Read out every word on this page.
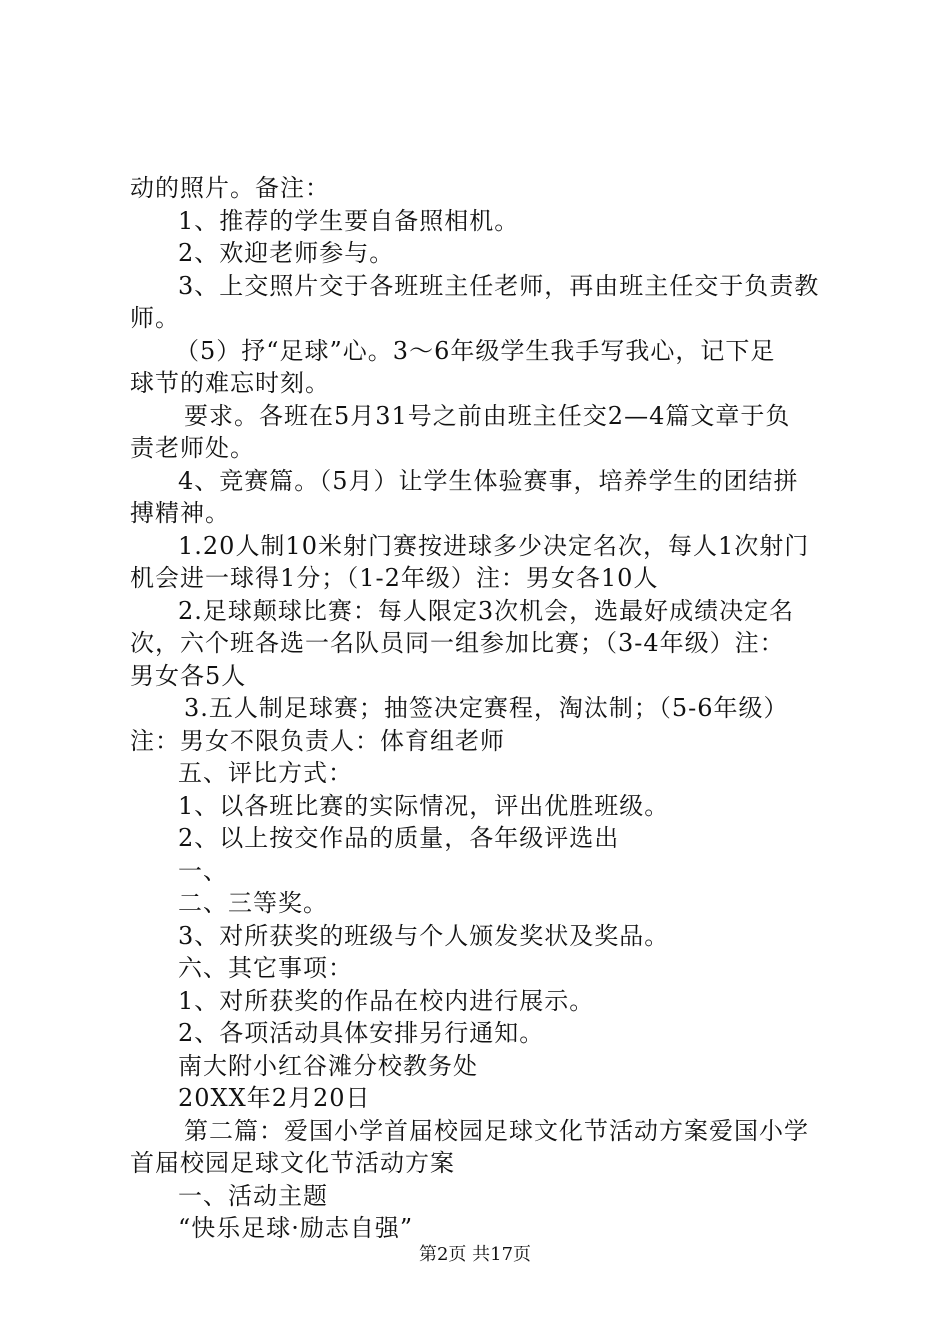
动的照片。备注：
1、推荐的学生要自备照相机。
2、欢迎老师参与。
3、上交照片交于各班班主任老师，再由班主任交于负责教
师。
（5）抒“足球”心。3～6年级学生我手写我心，记下足
球节的难忘时刻。
要求。各班在5月31号之前由班主任交2—4篇文章于负
责老师处。
4、竞赛篇。（5月）让学生体验赛事，培养学生的团结拼
搏精神。
1.20人制10米射门赛按进球多少决定名次，每人1次射门
机会进一球得1分；（1-2年级）注：男女各10人
2.足球颠球比赛：每人限定3次机会，选最好成绩决定名
次，六个班各选一名队员同一组参加比赛；（3-4年级）注：
男女各5人
3.五人制足球赛；抽签决定赛程，淘汰制；（5-6年级）
注：男女不限负责人：体育组老师
五、评比方式：
1、以各班比赛的实际情况，评出优胜班级。
2、以上按交作品的质量，各年级评选出
一、
二、三等奖。
3、对所获奖的班级与个人颁发奖状及奖品。
六、其它事项：
1、对所获奖的作品在校内进行展示。
2、各项活动具体安排另行通知。
南大附小红谷滩分校教务处
20XX年2月20日
第二篇：爱国小学首届校园足球文化节活动方案爱国小学
首届校园足球文化节活动方案
一、活动主题
“快乐足球·励志自强”
第2页 共17页
